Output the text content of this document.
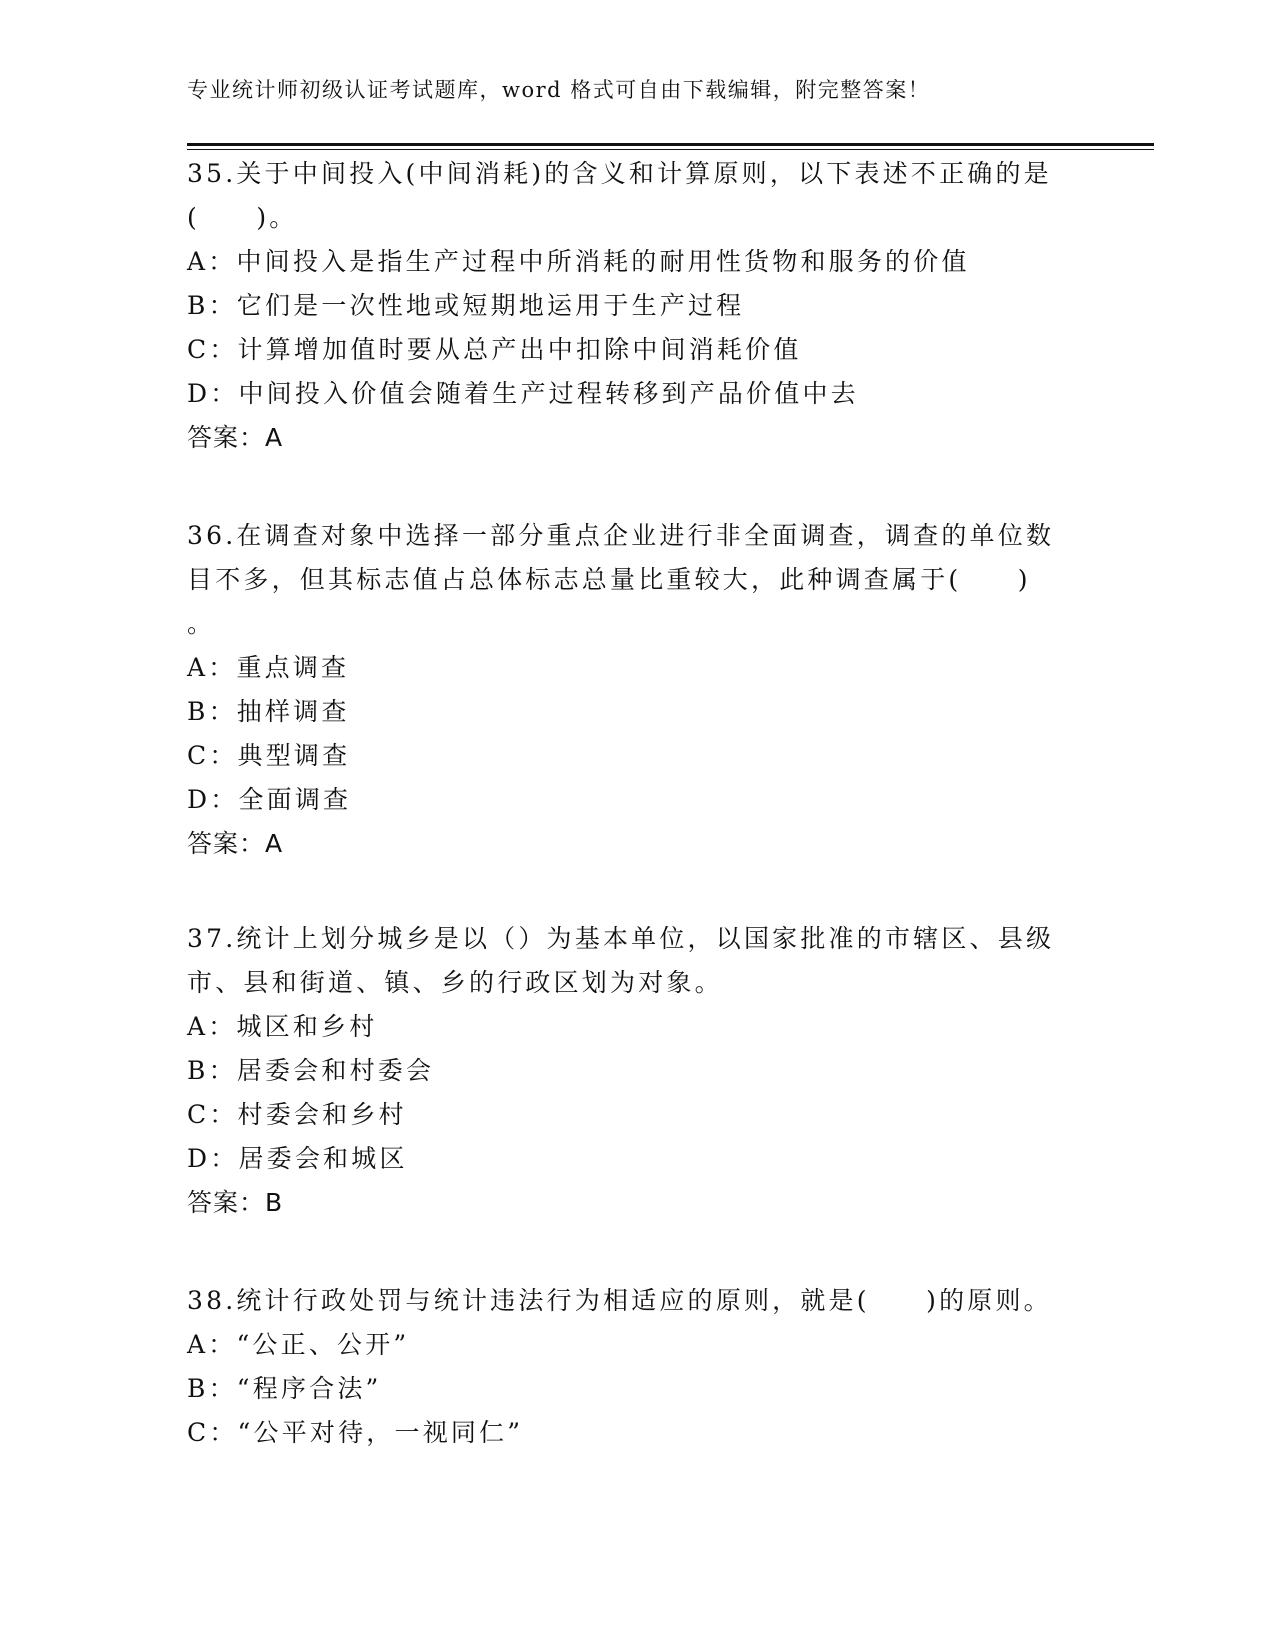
专业统计师初级认证考试题库，word 格式可自由下载编辑，附完整答案！
35.关于中间投入(中间消耗)的含义和计算原则，以下表述不正确的是
(　　)。
A：中间投入是指生产过程中所消耗的耐用性货物和服务的价值
B：它们是一次性地或短期地运用于生产过程
C：计算增加值时要从总产出中扣除中间消耗价值
D：中间投入价值会随着生产过程转移到产品价值中去
答案：A
36.在调查对象中选择一部分重点企业进行非全面调查，调查的单位数
目不多，但其标志值占总体标志总量比重较大，此种调查属于(　　)
。
A：重点调查
B：抽样调查
C：典型调查
D：全面调查
答案：A
37.统计上划分城乡是以（）为基本单位，以国家批准的市辖区、县级
市、县和街道、镇、乡的行政区划为对象。
A：城区和乡村
B：居委会和村委会
C：村委会和乡村
D：居委会和城区
答案：B
38.统计行政处罚与统计违法行为相适应的原则，就是(　　)的原则。
A：“公正、公开”
B：“程序合法”
C：“公平对待，一视同仁”
